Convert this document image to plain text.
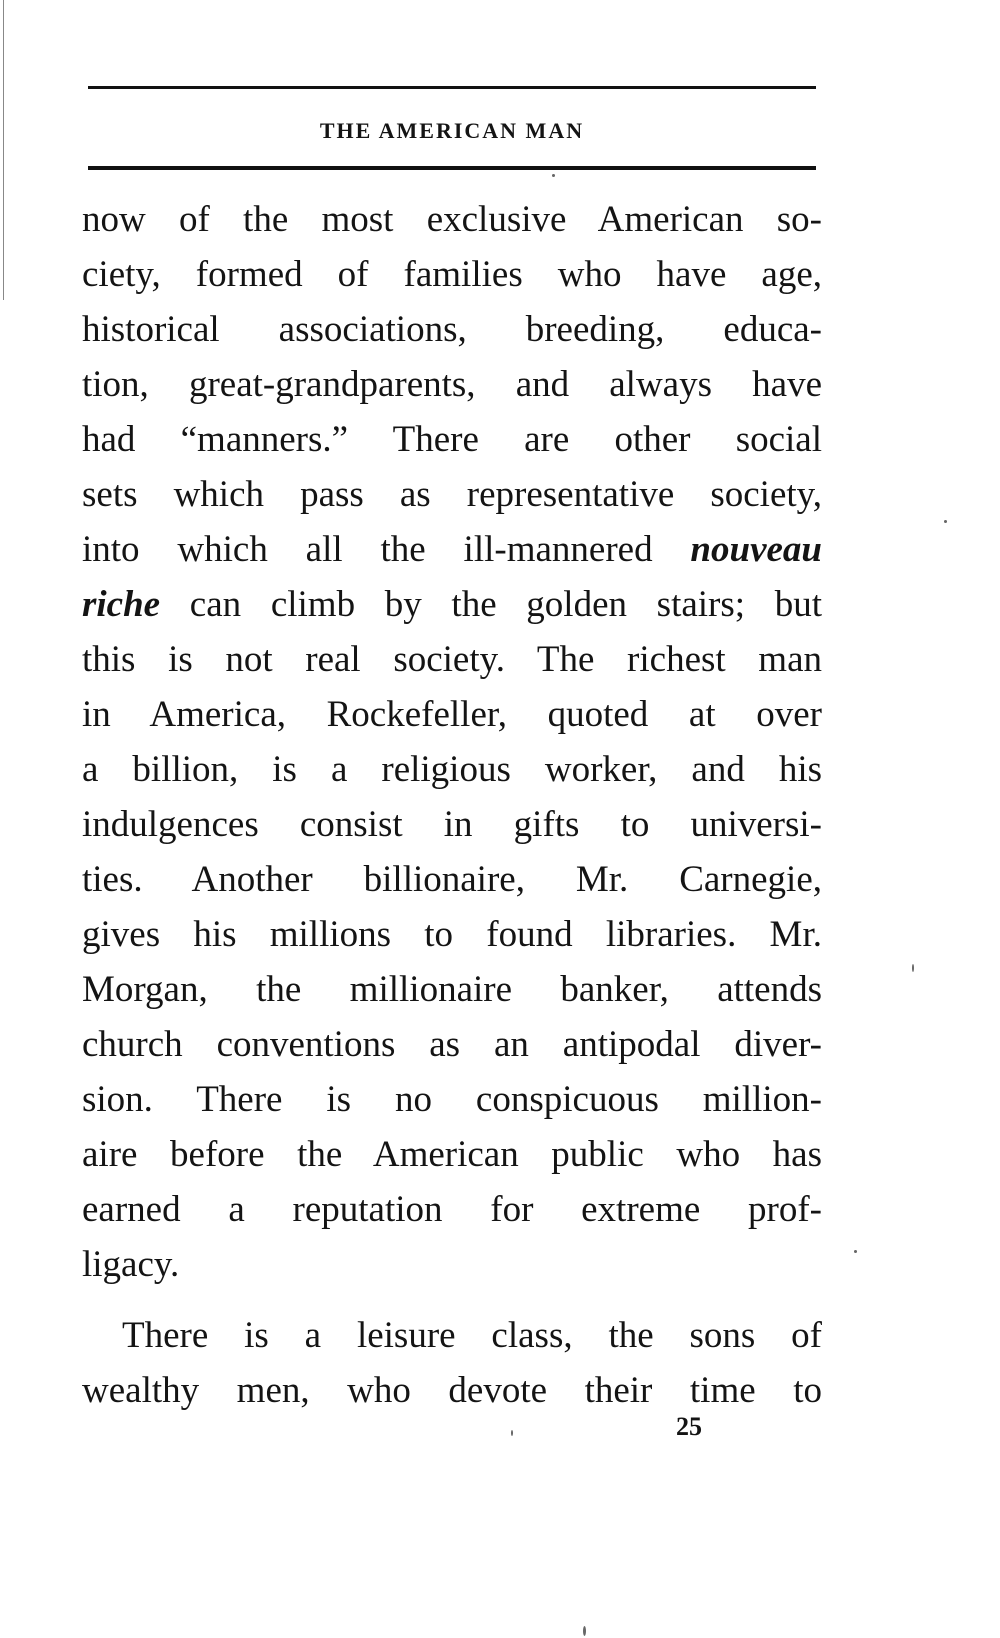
THE AMERICAN MAN
now of the most exclusive American so-
ciety, formed of families who have age,
historical associations, breeding, educa-
tion, great-grandparents, and always have
had “manners.” There are other social
sets which pass as representative society,
into which all the ill-mannered nouveau
riche can climb by the golden stairs; but
this is not real society. The richest man
in America, Rockefeller, quoted at over
a billion, is a religious worker, and his
indulgences consist in gifts to universi-
ties. Another billionaire, Mr. Carnegie,
gives his millions to found libraries. Mr.
Morgan, the millionaire banker, attends
church conventions as an antipodal diver-
sion. There is no conspicuous million-
aire before the American public who has
earned a reputation for extreme prof-
ligacy.
There is a leisure class, the sons of
wealthy men, who devote their time to
25
